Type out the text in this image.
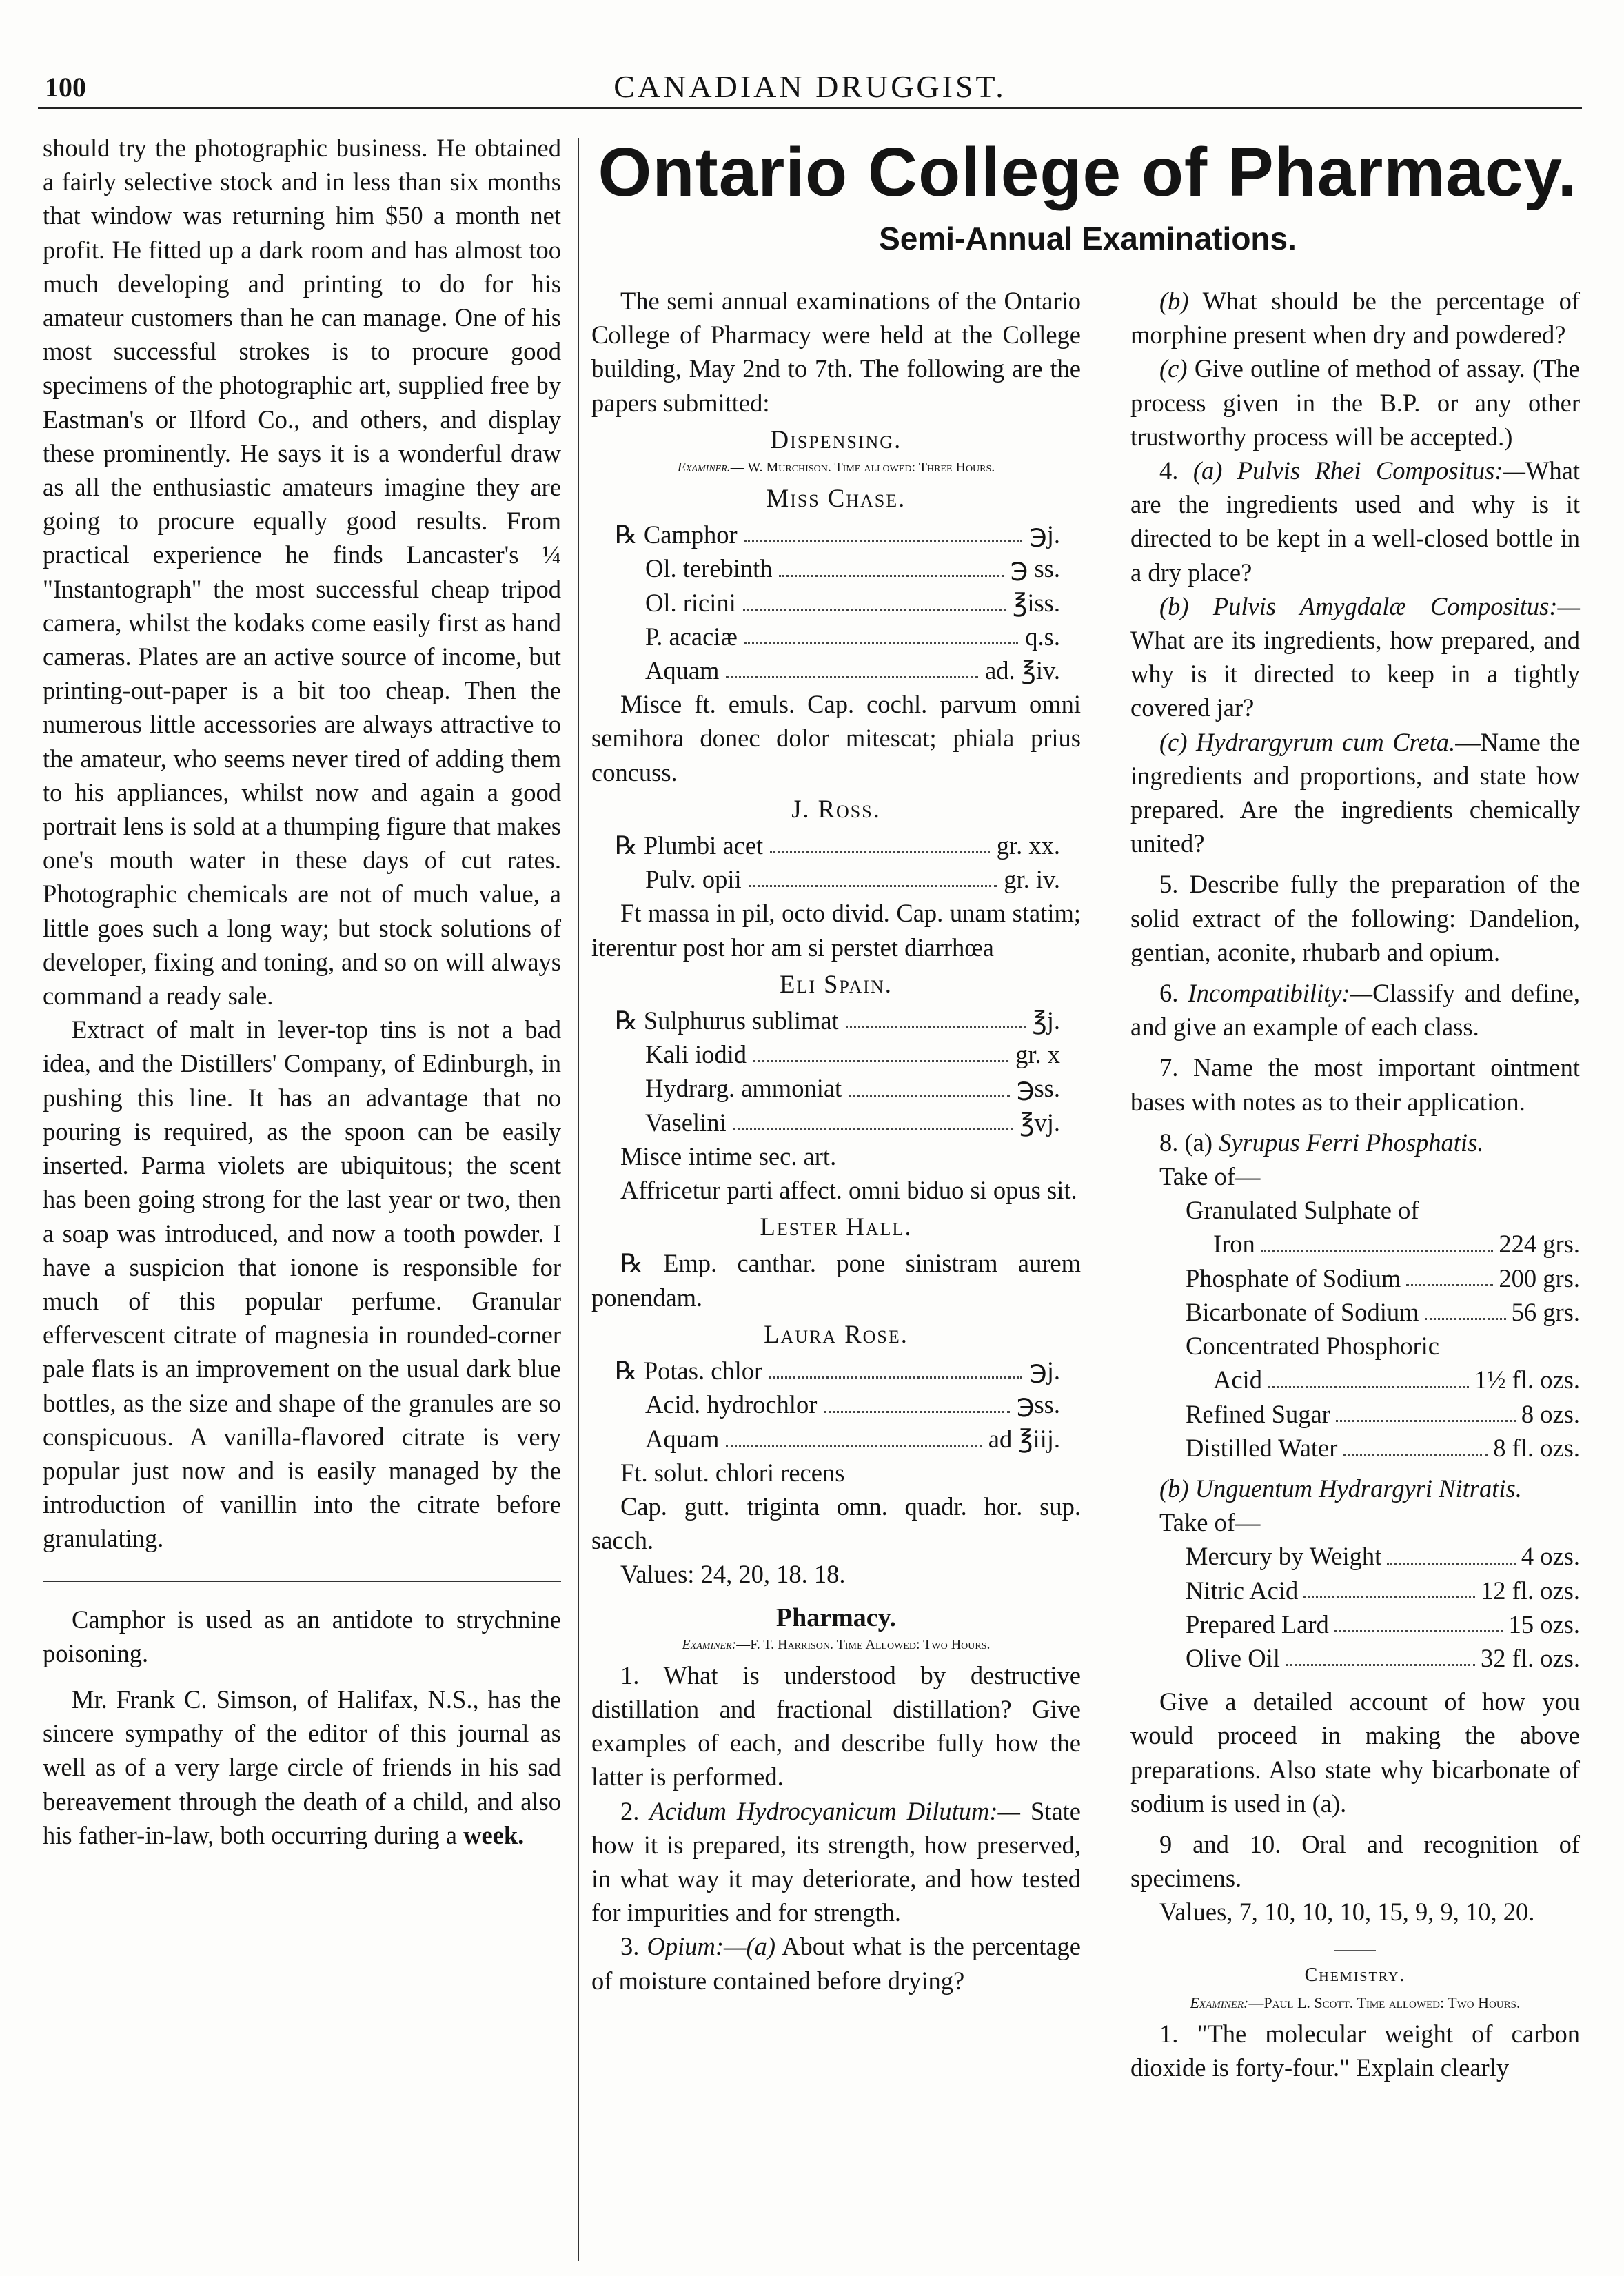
100	CANADIAN DRUGGIST.

should try the photographic business. He obtained a fairly selective stock and in less than six months that window was returning him $50 a month net profit. He fitted up a dark room and has almost too much developing and printing to do for his amateur customers than he can manage. One of his most successful strokes is to procure good specimens of the photographic art, supplied free by Eastman's or Ilford Co., and others, and display these prominently. He says it is a wonderful draw as all the enthusiastic amateurs imagine they are going to procure equally good results. From practical experience he finds Lancaster's ¼ "Instantograph" the most successful cheap tripod camera, whilst the kodaks come easily first as hand cameras. Plates are an active source of income, but printing-out-paper is a bit too cheap. Then the numerous little accessories are always attractive to the amateur, who seems never tired of adding them to his appliances, whilst now and again a good portrait lens is sold at a thumping figure that makes one's mouth water in these days of cut rates. Photographic chemicals are not of much value, a little goes such a long way; but stock solutions of developer, fixing and toning, and so on will always command a ready sale.

Extract of malt in lever-top tins is not a bad idea, and the Distillers' Company, of Edinburgh, in pushing this line. It has an advantage that no pouring is required, as the spoon can be easily inserted. Parma violets are ubiquitous; the scent has been going strong for the last year or two, then a soap was introduced, and now a tooth powder. I have a suspicion that ionone is responsible for much of this popular perfume. Granular effervescent citrate of magnesia in rounded-corner pale flats is an improvement on the usual dark blue bottles, as the size and shape of the granules are so conspicuous. A vanilla-flavored citrate is very popular just now and is easily managed by the introduction of vanillin into the citrate before granulating.

Camphor is used as an antidote to strychnine poisoning.

Mr. Frank C. Simson, of Halifax, N.S., has the sincere sympathy of the editor of this journal as well as of a very large circle of friends in his sad bereavement through the death of a child, and also his father-in-law, both occurring during a week.

Ontario College of Pharmacy.
Semi-Annual Examinations.

The semi annual examinations of the Ontario College of Pharmacy were held at the College building, May 2nd to 7th. The following are the papers submitted:

Dispensing.

Examiner.— W. Murchison. Time allowed: Three Hours.

Miss Chase.

℞ Camphor	℈j.
Ol. terebinth	℈ ss.
Ol. ricini	℥iss.
P. acaciæ	q.s.
Aquam	ad. ℥iv.

Misce ft. emuls. Cap. cochl. parvum omni semihora donec dolor mitescat; phiala prius concuss.

J. Ross.

℞ Plumbi acet	gr. xx.
Pulv. opii	gr. iv.

Ft massa in pil, octo divid. Cap. unam statim; iterentur post hor am si perstet diarrhœa

Eli Spain.

℞ Sulphurus sublimat	℥j.
Kali iodid	gr. x
Hydrarg. ammoniat	℈ss.
Vaselini	℥vj.

Misce intime sec. art.

Affricetur parti affect. omni biduo si opus sit.

Lester Hall.

℞ Emp. canthar. pone sinistram aurem ponendam.

Laura Rose.

℞ Potas. chlor	℈j.
Acid. hydrochlor	℈ss.
Aquam	ad ℥iij.

Ft. solut. chlori recens

Cap. gutt. triginta omn. quadr. hor. sup. sacch.

Values: 24, 20, 18. 18.

Pharmacy.

Examiner:—F. T. Harrison. Time Allowed: Two Hours.

1. What is understood by destructive distillation and fractional distillation? Give examples of each, and describe fully how the latter is performed.

2. Acidum Hydrocyanicum Dilutum:— State how it is prepared, its strength, how preserved, in what way it may deteriorate, and how tested for impurities and for strength.

3. Opium:—(a) About what is the percentage of moisture contained before drying?

(b) What should be the percentage of morphine present when dry and powdered?

(c) Give outline of method of assay. (The process given in the B.P. or any other trustworthy process will be accepted.)

4. (a) Pulvis Rhei Compositus:—What are the ingredients used and why is it directed to be kept in a well-closed bottle in a dry place?

(b) Pulvis Amygdalæ Compositus:— What are its ingredients, how prepared, and why is it directed to keep in a tightly covered jar?

(c) Hydrargyrum cum Creta.—Name the ingredients and proportions, and state how prepared. Are the ingredients chemically united?

5. Describe fully the preparation of the solid extract of the following: Dandelion, gentian, aconite, rhubarb and opium.

6. Incompatibility:—Classify and define, and give an example of each class.

7. Name the most important ointment bases with notes as to their application.

8. (a) Syrupus Ferri Phosphatis.

Take of—

Granulated Sulphate of

Iron	224 grs.
Phosphate of Sodium	200 grs.
Bicarbonate of Sodium	56 grs.

Concentrated Phosphoric

Acid	1½ fl. ozs.
Refined Sugar	8 ozs.
Distilled Water	8 fl. ozs.

(b) Unguentum Hydrargyri Nitratis.

Take of—

Mercury by Weight	4 ozs.
Nitric Acid	12 fl. ozs.
Prepared Lard	15 ozs.
Olive Oil	32 fl. ozs.

Give a detailed account of how you would proceed in making the above preparations. Also state why bicarbonate of sodium is used in (a).

9 and 10. Oral and recognition of specimens.

Values, 7, 10, 10, 10, 15, 9, 9, 10, 20.

Chemistry.

Examiner:—Paul L. Scott. Time allowed: Two Hours.

1. "The molecular weight of carbon dioxide is forty-four." Explain clearly
